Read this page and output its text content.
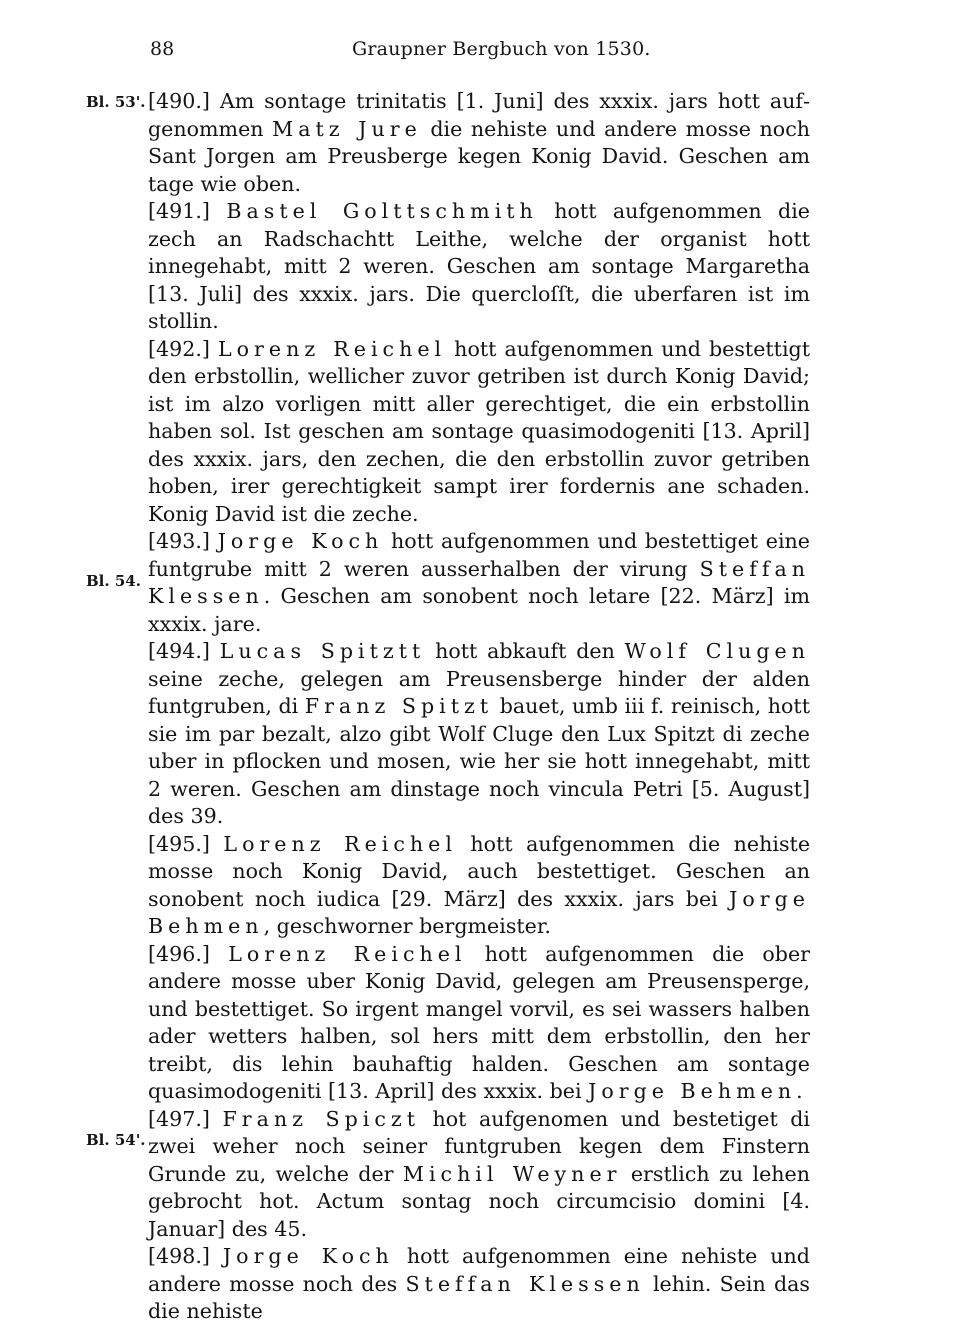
88	Graupner Bergbuch von 1530.
Bl. 53'.
Bl. 54.
Bl. 54'.

[490.] Am sontage trinitatis [1. Juni] des xxxix. jars hott aufgenommen Matz Jure die nehiste und andere mosse noch Sant Jorgen am Preusberge kegen Konig David. Geschen am tage wie oben.

[491.] Bastel Golttschmith hott aufgenommen die zech an Radschachtt Leithe, welche der organist hott innegehabt, mitt 2 weren. Geschen am sontage Margaretha [13. Juli] des xxxix. jars. Die quercloſſt, die uberfaren ist im stollin.

[492.] Lorenz Reichel hott aufgenommen und bestettigt den erbstollin, wellicher zuvor getriben ist durch Konig David; ist im alzo vorligen mitt aller gerechtiget, die ein erbstollin haben sol. Ist geschen am sontage quasimodogeniti [13. April] des xxxix. jars, den zechen, die den erbstollin zuvor getriben hoben, irer gerechtigkeit sampt irer fordernis ane schaden. Konig David ist die zeche.

[493.] Jorge Koch hott aufgenommen und bestettiget eine funtgrube mitt 2 weren ausserhalben der virung Steffan Klessen. Geschen am sonobent noch letare [22. März] im xxxix. jare.

[494.] Lucas Spitztt hott abkauft den Wolf Clugen seine zeche, gelegen am Preusensberge hinder der alden funtgruben, di Franz Spitzt bauet, umb iii f. reinisch, hott sie im par bezalt, alzo gibt Wolf Cluge den Lux Spitzt di zeche uber in pflocken und mosen, wie her sie hott innegehabt, mitt 2 weren. Geschen am dinstage noch vincula Petri [5. August] des 39.

[495.] Lorenz Reichel hott aufgenommen die nehiste mosse noch Konig David, auch bestettiget. Geschen an sonobent noch iudica [29. März] des xxxix. jars bei Jorge Behmen, geschworner bergmeister.

[496.] Lorenz Reichel hott aufgenommen die ober andere mosse uber Konig David, gelegen am Preusensperge, und bestettiget. So irgent mangel vorvil, es sei wassers halben ader wetters halben, sol hers mitt dem erbstollin, den her treibt, dis lehin bauhaftig halden. Geschen am sontage quasimodogeniti [13. April] des xxxix. bei Jorge Behmen.

[497.] Franz Spiczt hot aufgenomen und bestetiget di zwei weher noch seiner funtgruben kegen dem Finstern Grunde zu, welche der Michil Weyner erstlich zu lehen gebrocht hot. Actum sontag noch circumcisio domini [4. Januar] des 45.

[498.] Jorge Koch hott aufgenommen eine nehiste und andere mosse noch des Steffan Klessen lehin. Sein das die nehiste
